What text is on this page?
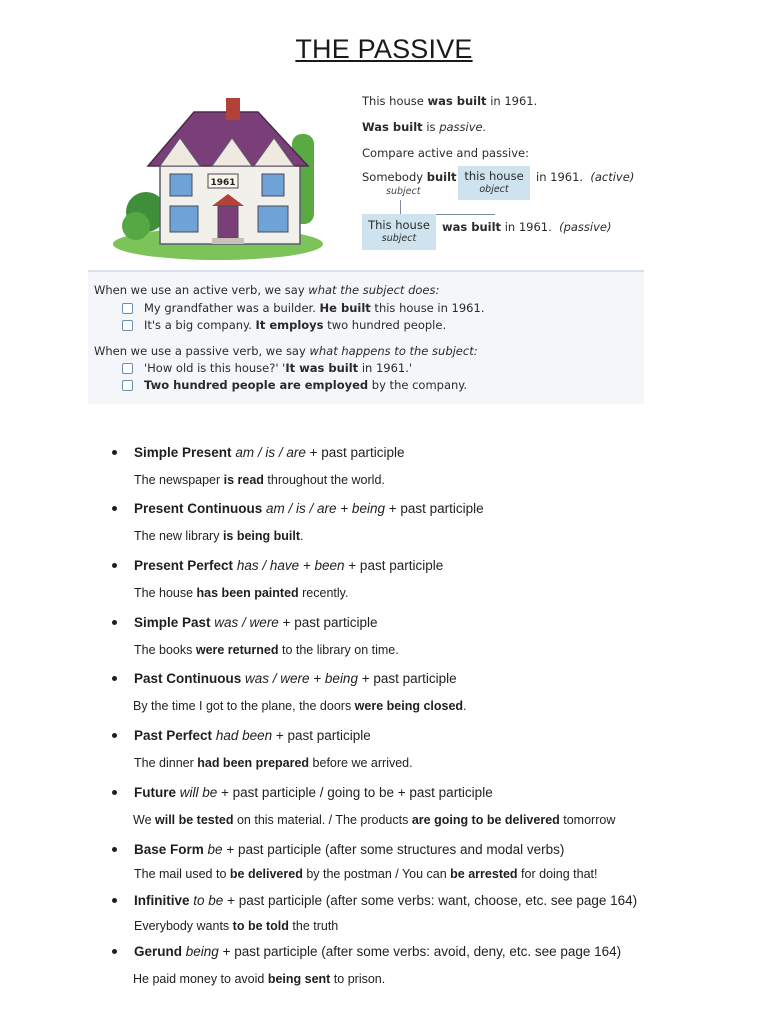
THE PASSIVE
1961
This house was built in 1961.
Was built is passive.
Compare active and passive:
Somebody built
subject
this house
object
in 1961. (active)
This house
subject
was built in 1961. (passive)
When we use an active verb, we say what the subject does:
My grandfather was a builder. He built this house in 1961.
It's a big company. It employs two hundred people.
When we use a passive verb, we say what happens to the subject:
'How old is this house?' 'It was built in 1961.'
Two hundred people are employed by the company.
Simple Present am / is / are + past participle
The newspaper is read throughout the world.
Present Continuous am / is / are + being + past participle
The new library is being built.
Present Perfect has / have + been + past participle
The house has been painted recently.
Simple Past was / were + past participle
The books were returned to the library on time.
Past Continuous was / were + being + past participle
By the time I got to the plane, the doors were being closed.
Past Perfect had been + past participle
The dinner had been prepared before we arrived.
Future will be + past participle / going to be + past participle
We will be tested on this material. / The products are going to be delivered tomorrow
Base Form be + past participle (after some structures and modal verbs)
The mail used to be delivered by the postman / You can be arrested for doing that!
Infinitive to be + past participle (after some verbs: want, choose, etc. see page 164)
Everybody wants to be told the truth
Gerund being + past participle (after some verbs: avoid, deny, etc. see page 164)
He paid money to avoid being sent to prison.
